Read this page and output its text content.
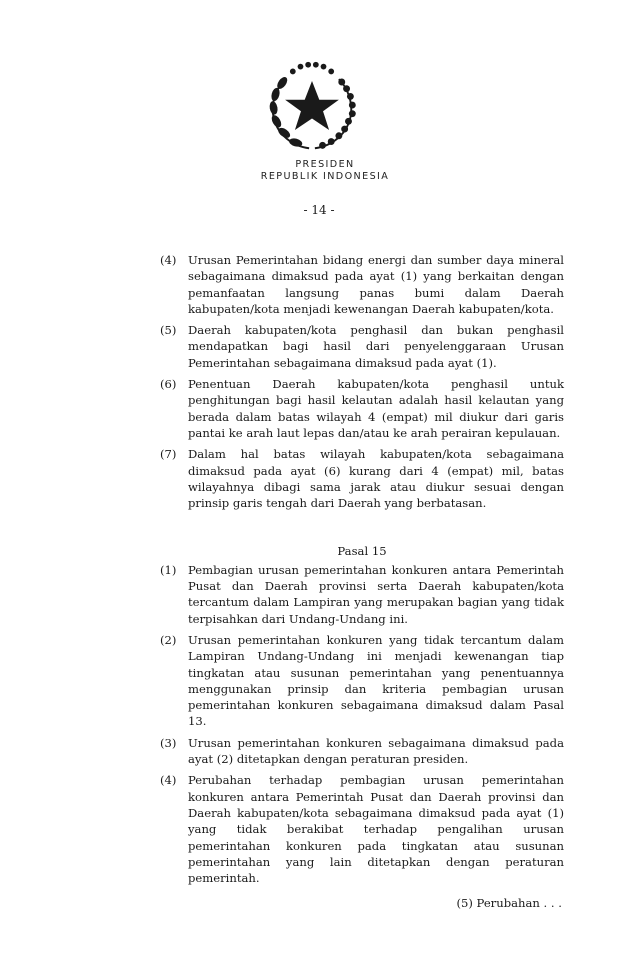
PRESIDEN
REPUBLIK INDONESIA
- 14 -
(4) Urusan Pemerintahan bidang energi dan sumber daya mineral sebagaimana dimaksud pada ayat (1) yang berkaitan dengan pemanfaatan langsung panas bumi dalam Daerah kabupaten/kota menjadi kewenangan Daerah kabupaten/kota.
(5) Daerah kabupaten/kota penghasil dan bukan penghasil mendapatkan bagi hasil dari penyelenggaraan Urusan Pemerintahan sebagaimana dimaksud pada ayat (1).
(6) Penentuan Daerah kabupaten/kota penghasil untuk penghitungan bagi hasil kelautan adalah hasil kelautan yang berada dalam batas wilayah 4 (empat) mil diukur dari garis pantai ke arah laut lepas dan/atau ke arah perairan kepulauan.
(7) Dalam hal batas wilayah kabupaten/kota sebagaimana dimaksud pada ayat (6) kurang dari 4 (empat) mil, batas wilayahnya dibagi sama jarak atau diukur sesuai dengan prinsip garis tengah dari Daerah yang berbatasan.
Pasal 15
(1) Pembagian urusan pemerintahan konkuren antara Pemerintah Pusat dan Daerah provinsi serta Daerah kabupaten/kota tercantum dalam Lampiran yang merupakan bagian yang tidak terpisahkan dari Undang-Undang ini.
(2) Urusan pemerintahan konkuren yang tidak tercantum dalam Lampiran Undang-Undang ini menjadi kewenangan tiap tingkatan atau susunan pemerintahan yang penentuannya menggunakan prinsip dan kriteria pembagian urusan pemerintahan konkuren sebagaimana dimaksud dalam Pasal 13.
(3) Urusan pemerintahan konkuren sebagaimana dimaksud pada ayat (2) ditetapkan dengan peraturan presiden.
(4) Perubahan terhadap pembagian urusan pemerintahan konkuren antara Pemerintah Pusat dan Daerah provinsi dan Daerah kabupaten/kota sebagaimana dimaksud pada ayat (1) yang tidak berakibat terhadap pengalihan urusan pemerintahan konkuren pada tingkatan atau susunan pemerintahan yang lain ditetapkan dengan peraturan pemerintah.
(5) Perubahan . . .
